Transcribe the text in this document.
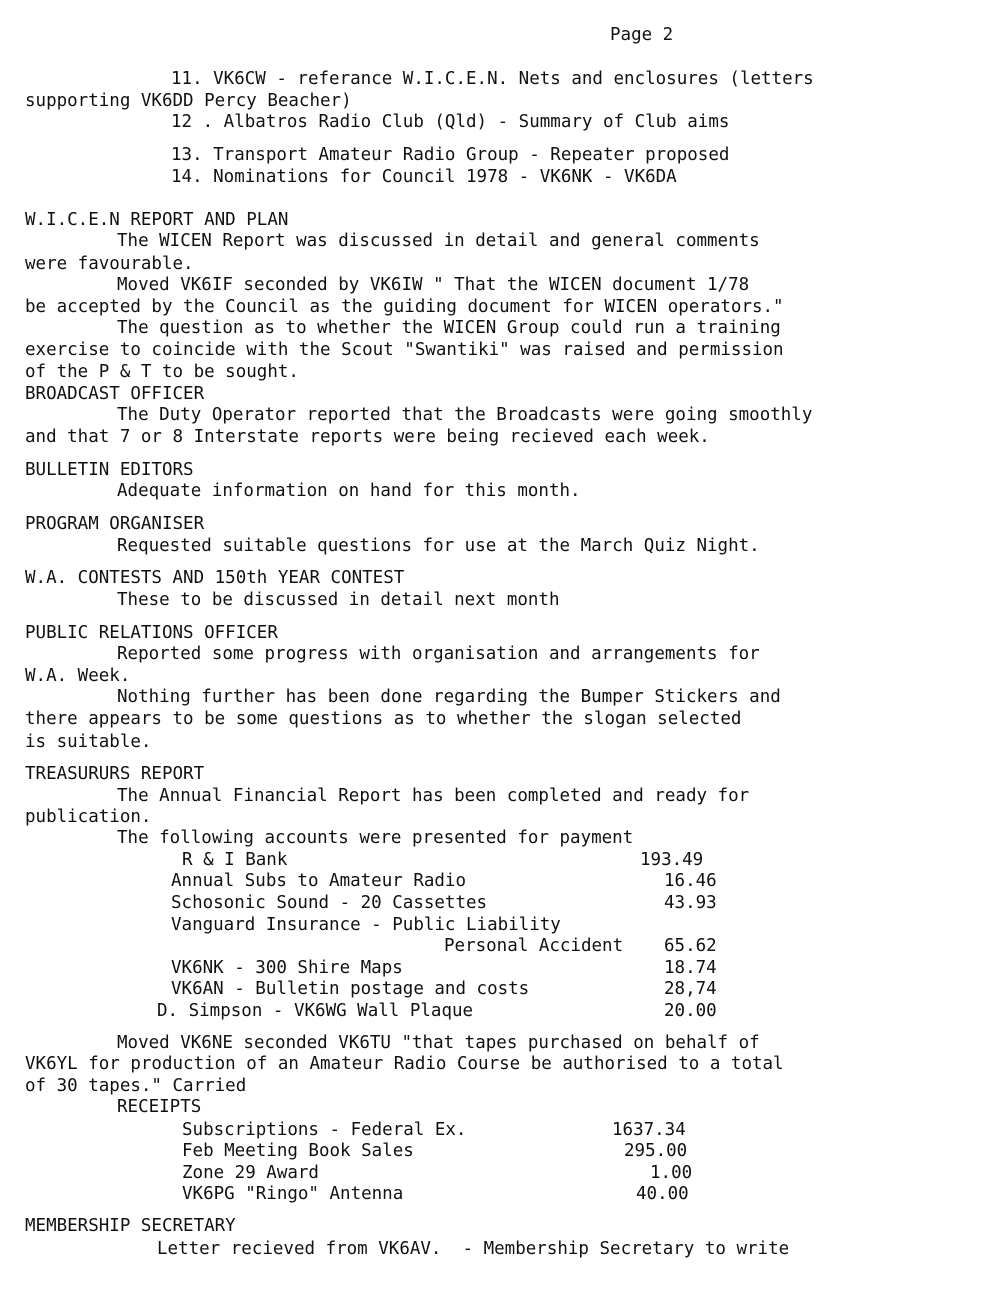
Page 2
11. VK6CW - referance W.I.C.E.N. Nets and enclosures (letters
supporting VK6DD Percy Beacher)
12 . Albatros Radio Club (Qld) - Summary of Club aims
13. Transport Amateur Radio Group - Repeater proposed
14. Nominations for Council 1978 - VK6NK - VK6DA
W.I.C.E.N REPORT AND PLAN
The WICEN Report was discussed in detail and general comments
were favourable.
Moved VK6IF seconded by VK6IW " That the WICEN document 1/78
be accepted by the Council as the guiding document for WICEN operators."
The question as to whether the WICEN Group could run a training
exercise to coincide with the Scout "Swantiki" was raised and permission
of the P & T to be sought.
BROADCAST OFFICER
The Duty Operator reported that the Broadcasts were going smoothly
and that 7 or 8 Interstate reports were being recieved each week.
BULLETIN EDITORS
Adequate information on hand for this month.
PROGRAM ORGANISER
Requested suitable questions for use at the March Quiz Night.
W.A. CONTESTS AND 150th YEAR CONTEST
These to be discussed in detail next month
PUBLIC RELATIONS OFFICER
Reported some progress with organisation and arrangements for
W.A. Week.
Nothing further has been done regarding the Bumper Stickers and
there appears to be some questions as to whether the slogan selected
is suitable.
TREASURURS REPORT
The Annual Financial Report has been completed and ready for
publication.
The following accounts were presented for payment
R & I Bank	193.49
Annual Subs to Amateur Radio	16.46
Schosonic Sound - 20 Cassettes	43.93
Vanguard Insurance - Public Liability
Personal Accident 65.62
VK6NK - 300 Shire Maps	18.74
VK6AN - Bulletin postage and costs	28,74
D. Simpson - VK6WG Wall Plaque	20.00
Moved VK6NE seconded VK6TU "that tapes purchased on behalf of
VK6YL for production of an Amateur Radio Course be authorised to a total
of 30 tapes." Carried
RECEIPTS
Subscriptions - Federal Ex.	1637.34
Feb Meeting Book Sales	295.00
Zone 29 Award	1.00
VK6PG "Ringo" Antenna	40.00
MEMBERSHIP SECRETARY
Letter recieved from VK6AV.  - Membership Secretary to write
